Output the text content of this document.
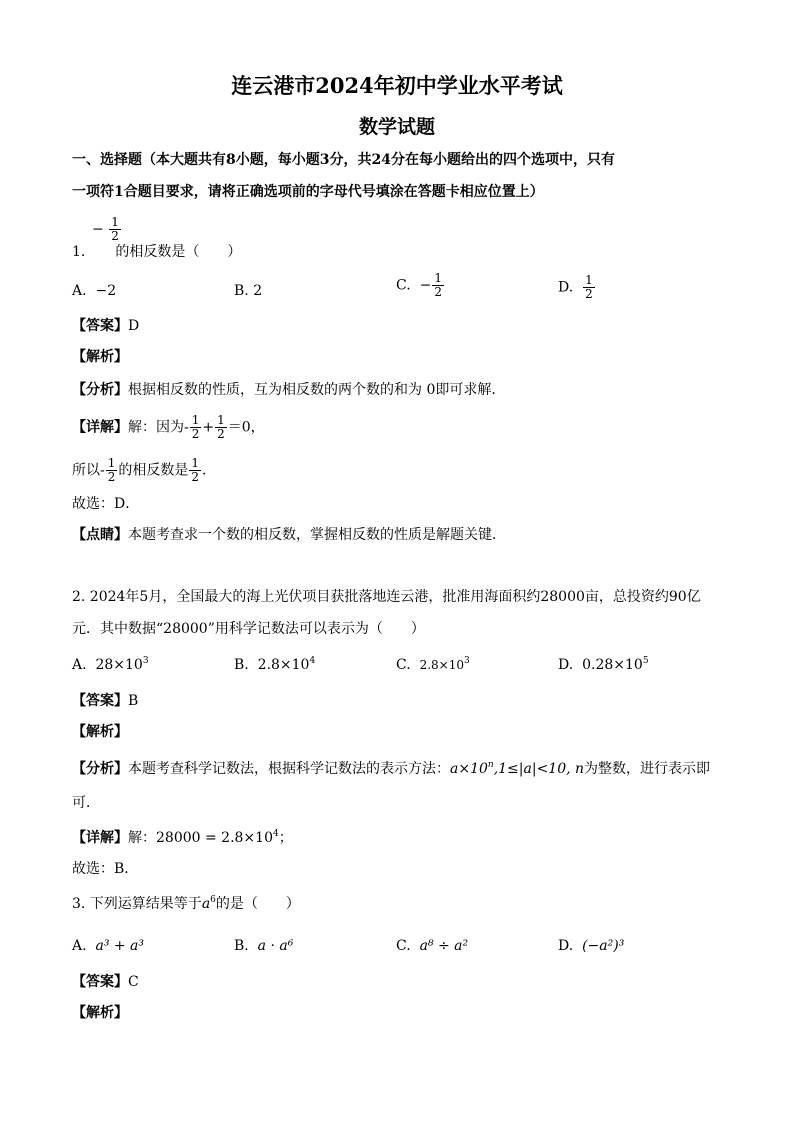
连云港市2024年初中学业水平考试
数学试题
一、选择题（本大题共有8小题，每小题3分，共24分在每小题给出的四个选项中，只有
一项符1合题目要求，请将正确选项前的字母代号填涂在答题卡相应位置上）
− $\frac{1}{2}$
1. 的相反数是（ ）
A. −2	B. 2	C. − $\frac{1}{2}$	D. $\frac{1}{2}$
【答案】D
【解析】
【分析】根据相反数的性质，互为相反数的两个数的和为 0即可求解．
【详解】解：因为- $\frac{1}{2} + \frac{1}{2} =0$，
所以- $\frac{1}{2}$ 的相反数是 $\frac{1}{2}$ ．
故选：D．
【点睛】本题考查求一个数的相反数，掌握相反数的性质是解题关键．
2. 2024年5月，全国最大的海上光伏项目获批落地连云港，批准用海面积约28000亩，总投资约90亿
元．其中数据“28000”用科学记数法可以表示为（ ）
A. $28\times 10^3$	B. $2.8\times 10^4$	C. $2.8\times 10^3$	D. $0.28\times 10^5$
【答案】B
【解析】
【分析】本题考查科学记数法，根据科学记数法的表示方法：$a\times 10^n,1\le|a|<10$, n为整数，进行表示即
可．
【详解】解：$28000 = 2.8\times 10^4$；
故选：B．
3. 下列运算结果等于$a^6$的是（ ）
A. a³ + a³	B. a · a⁶	C. a⁸ ÷ a²	D. (−a²)³
【答案】C
【解析】
